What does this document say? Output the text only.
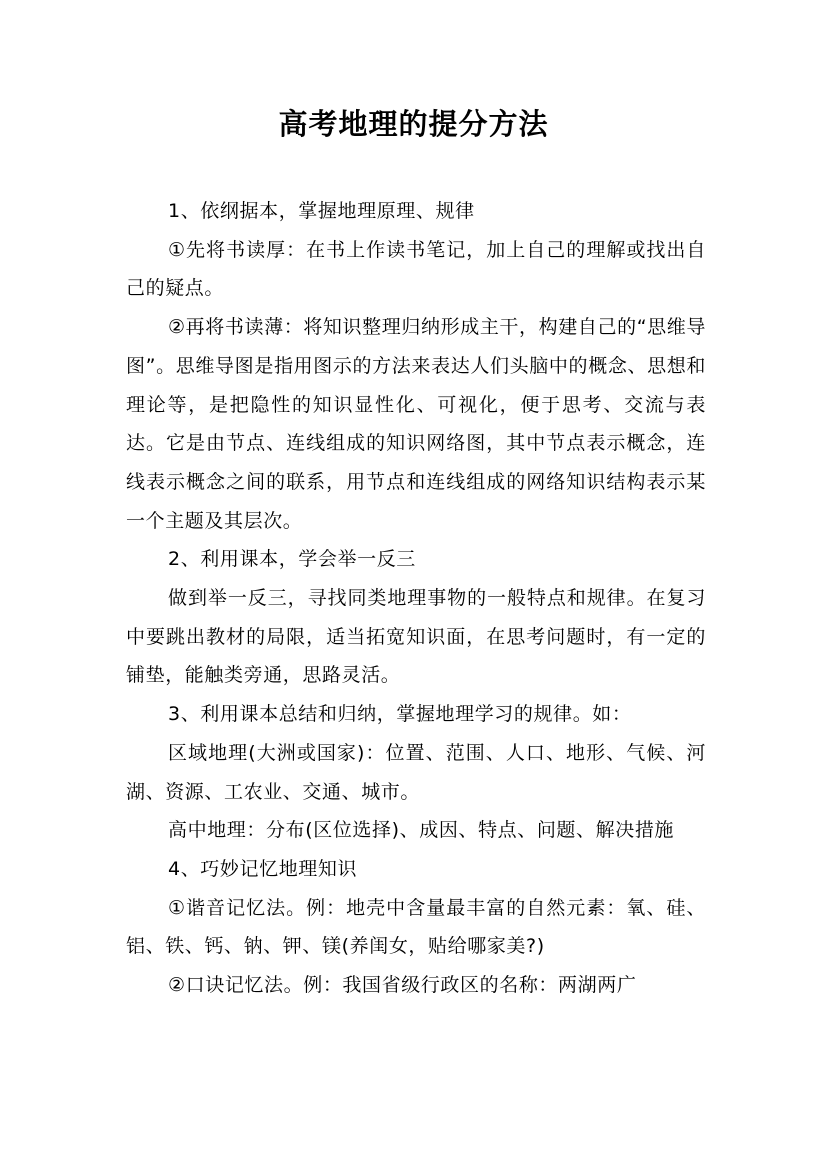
高考地理的提分方法

1、依纲据本，掌握地理原理、规律

①先将书读厚：在书上作读书笔记，加上自己的理解或找出自己的疑点。

②再将书读薄：将知识整理归纳形成主干，构建自己的“思维导图”。思维导图是指用图示的方法来表达人们头脑中的概念、思想和理论等，是把隐性的知识显性化、可视化，便于思考、交流与表达。它是由节点、连线组成的知识网络图，其中节点表示概念，连线表示概念之间的联系，用节点和连线组成的网络知识结构表示某一个主题及其层次。

2、利用课本，学会举一反三

做到举一反三，寻找同类地理事物的一般特点和规律。在复习中要跳出教材的局限，适当拓宽知识面，在思考问题时，有一定的铺垫，能触类旁通，思路灵活。

3、利用课本总结和归纳，掌握地理学习的规律。如：

区域地理(大洲或国家)：位置、范围、人口、地形、气候、河湖、资源、工农业、交通、城市。

高中地理：分布(区位选择)、成因、特点、问题、解决措施

4、巧妙记忆地理知识

①谐音记忆法。例：地壳中含量最丰富的自然元素：氧、硅、铝、铁、钙、钠、钾、镁(养闺女，贴给哪家美?)

②口诀记忆法。例：我国省级行政区的名称：两湖两广
